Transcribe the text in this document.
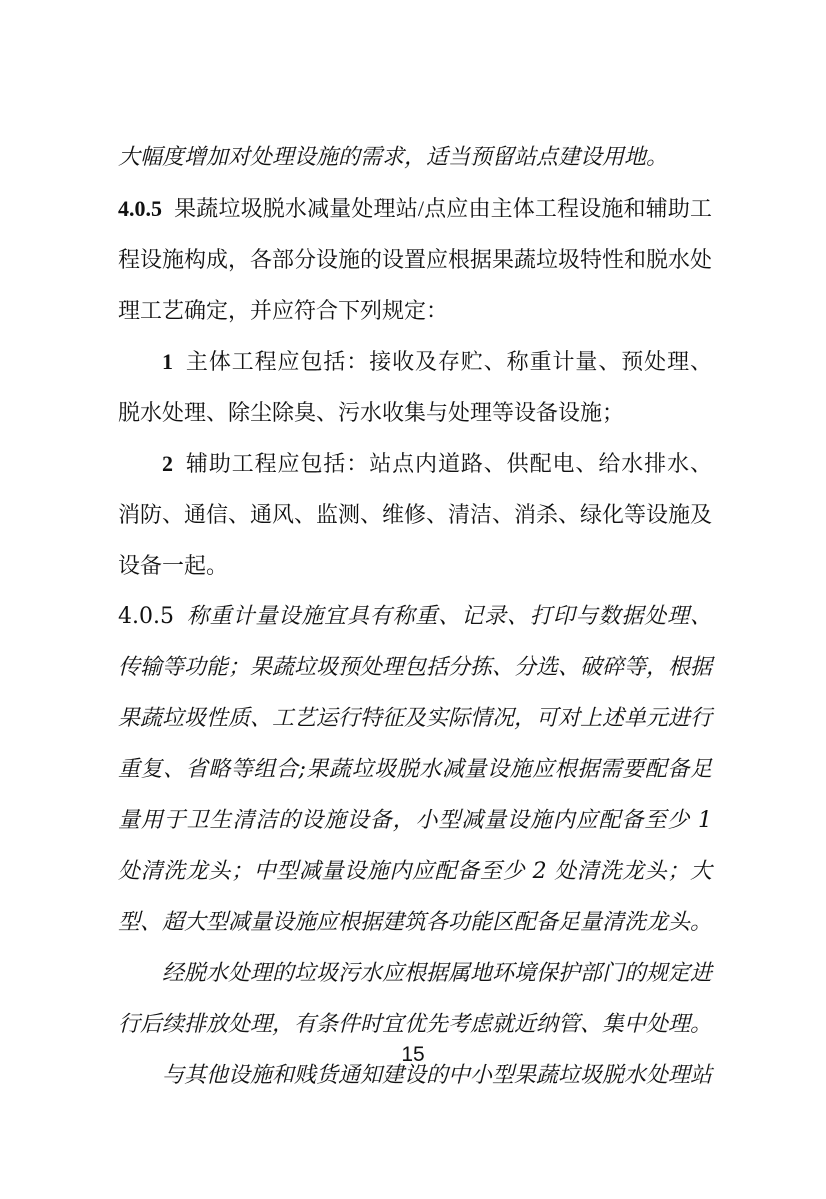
大幅度增加对处理设施的需求，适当预留站点建设用地。

4.0.5 果蔬垃圾脱水减量处理站/点应由主体工程设施和辅助工程设施构成，各部分设施的设置应根据果蔬垃圾特性和脱水处理工艺确定，并应符合下列规定：

1 主体工程应包括：接收及存贮、称重计量、预处理、脱水处理、除尘除臭、污水收集与处理等设备设施；

2 辅助工程应包括：站点内道路、供配电、给水排水、消防、通信、通风、监测、维修、清洁、消杀、绿化等设施及设备一起。

4.0.5 称重计量设施宜具有称重、记录、打印与数据处理、传输等功能；果蔬垃圾预处理包括分拣、分选、破碎等，根据果蔬垃圾性质、工艺运行特征及实际情况，可对上述单元进行重复、省略等组合;果蔬垃圾脱水减量设施应根据需要配备足量用于卫生清洁的设施设备，小型减量设施内应配备至少 1 处清洗龙头；中型减量设施内应配备至少 2 处清洗龙头；大型、超大型减量设施应根据建筑各功能区配备足量清洗龙头。

经脱水处理的垃圾污水应根据属地环境保护部门的规定进行后续排放处理，有条件时宜优先考虑就近纳管、集中处理。

与其他设施和贱货通知建设的中小型果蔬垃圾脱水处理站

15
